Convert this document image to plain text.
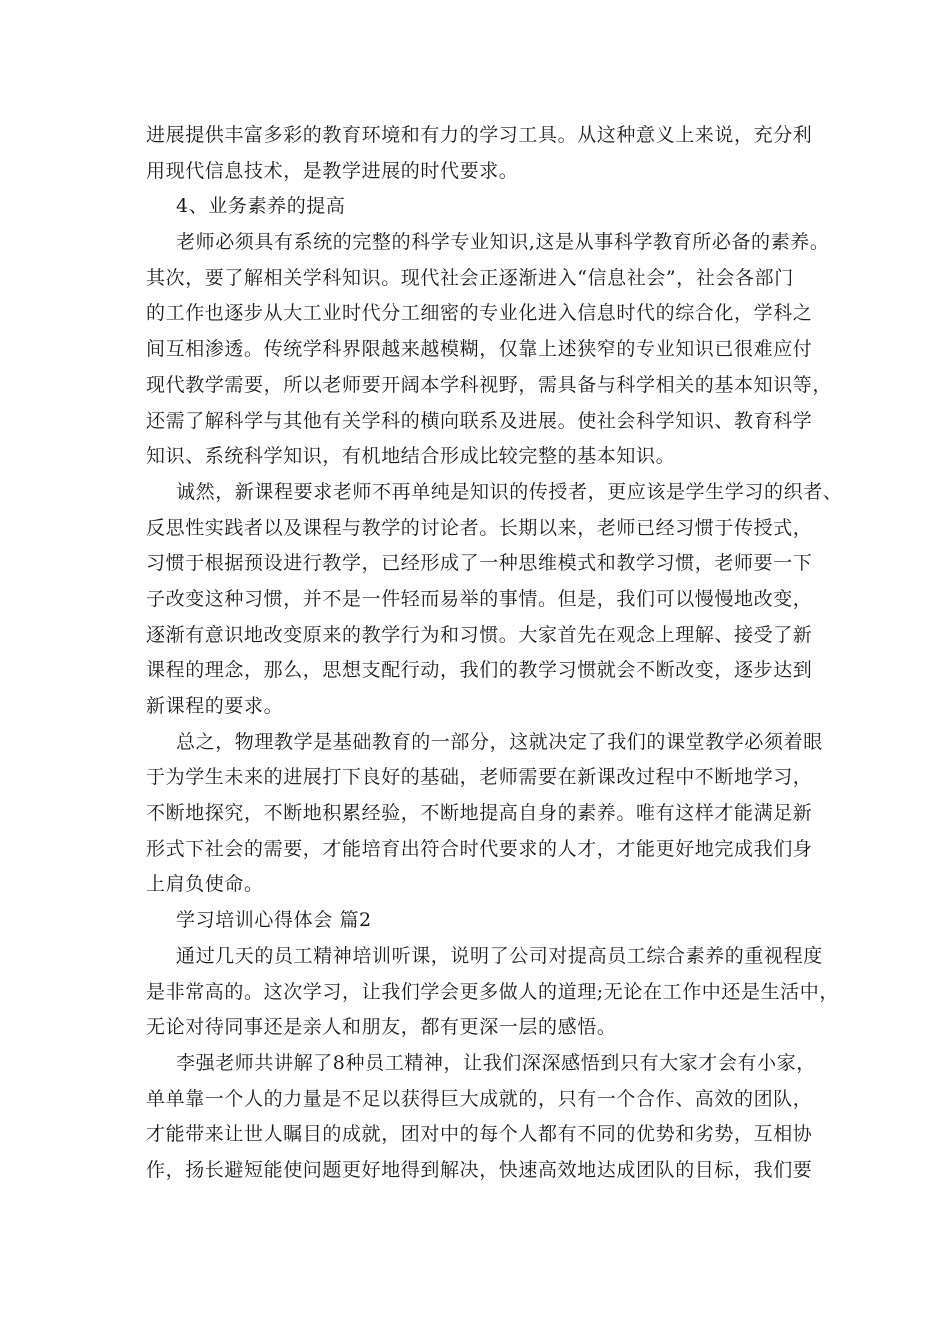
进展提供丰富多彩的教育环境和有力的学习工具。从这种意义上来说，充分利
用现代信息技术，是教学进展的时代要求。
4、业务素养的提高
老师必须具有系统的完整的科学专业知识,这是从事科学教育所必备的素养。
其次，要了解相关学科知识。现代社会正逐渐进入“信息社会”，社会各部门
的工作也逐步从大工业时代分工细密的专业化进入信息时代的综合化，学科之
间互相渗透。传统学科界限越来越模糊，仅靠上述狭窄的专业知识已很难应付
现代教学需要，所以老师要开阔本学科视野，需具备与科学相关的基本知识等，
还需了解科学与其他有关学科的横向联系及进展。使社会科学知识、教育科学
知识、系统科学知识，有机地结合形成比较完整的基本知识。
诚然，新课程要求老师不再单纯是知识的传授者，更应该是学生学习的织者、
反思性实践者以及课程与教学的讨论者。长期以来，老师已经习惯于传授式，
习惯于根据预设进行教学，已经形成了一种思维模式和教学习惯，老师要一下
子改变这种习惯，并不是一件轻而易举的事情。但是，我们可以慢慢地改变，
逐渐有意识地改变原来的教学行为和习惯。大家首先在观念上理解、接受了新
课程的理念，那么，思想支配行动，我们的教学习惯就会不断改变，逐步达到
新课程的要求。
总之，物理教学是基础教育的一部分，这就决定了我们的课堂教学必须着眼
于为学生未来的进展打下良好的基础，老师需要在新课改过程中不断地学习，
不断地探究，不断地积累经验，不断地提高自身的素养。唯有这样才能满足新
形式下社会的需要，才能培育出符合时代要求的人才，才能更好地完成我们身
上肩负使命。
学习培训心得体会 篇2
通过几天的员工精神培训听课，说明了公司对提高员工综合素养的重视程度
是非常高的。这次学习，让我们学会更多做人的道理;无论在工作中还是生活中，
无论对待同事还是亲人和朋友，都有更深一层的感悟。
李强老师共讲解了8种员工精神，让我们深深感悟到只有大家才会有小家，
单单靠一个人的力量是不足以获得巨大成就的，只有一个合作、高效的团队，
才能带来让世人瞩目的成就，团对中的每个人都有不同的优势和劣势，互相协
作，扬长避短能使问题更好地得到解决，快速高效地达成团队的目标，我们要
